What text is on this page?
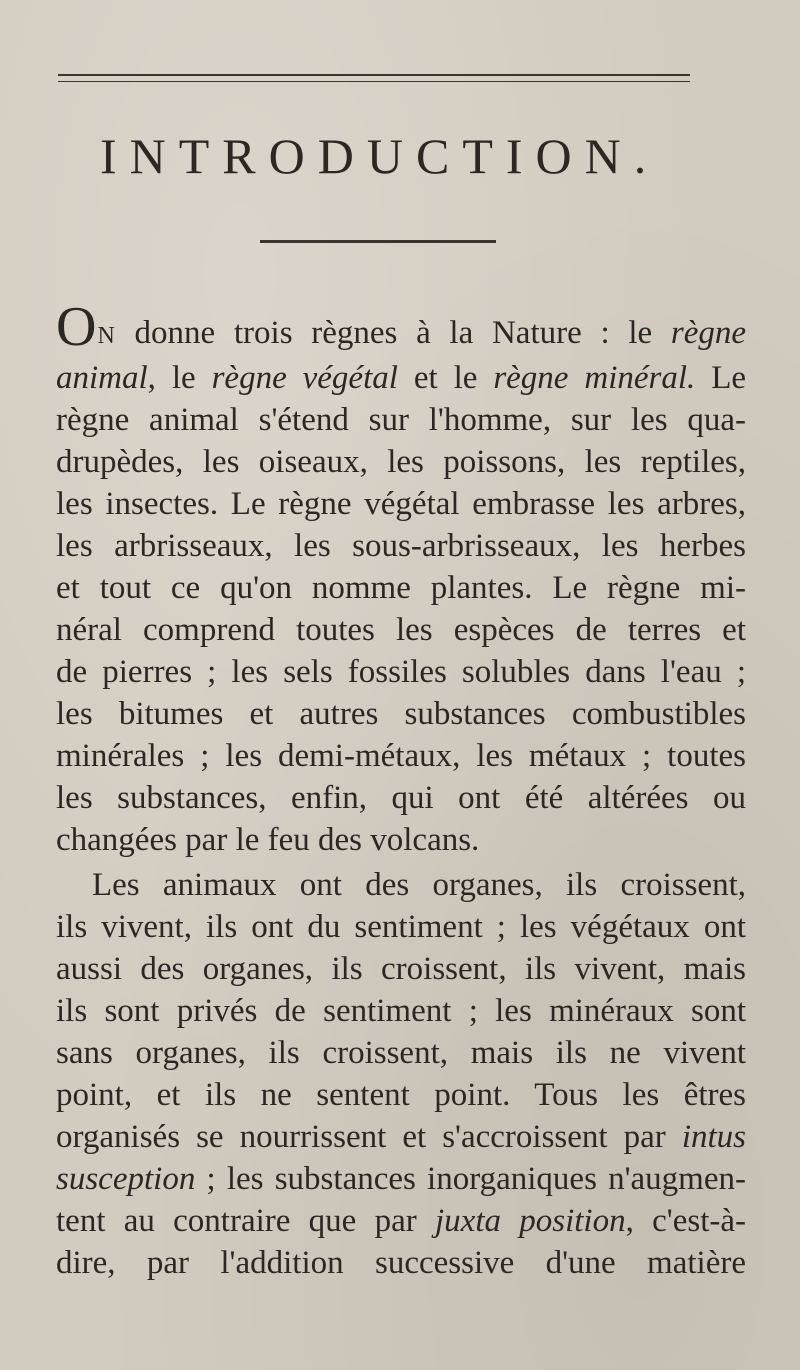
INTRODUCTION.
ON donne trois règnes à la Nature : le règne
animal, le règne végétal et le règne minéral. Le
règne animal s'étend sur l'homme, sur les qua-
drupèdes, les oiseaux, les poissons, les reptiles,
les insectes. Le règne végétal embrasse les arbres,
les arbrisseaux, les sous-arbrisseaux, les herbes
et tout ce qu'on nomme plantes. Le règne mi-
néral comprend toutes les espèces de terres et
de pierres ; les sels fossiles solubles dans l'eau ;
les bitumes et autres substances combustibles
minérales ; les demi-métaux, les métaux ; toutes
les substances, enfin, qui ont été altérées ou
changées par le feu des volcans.
Les animaux ont des organes, ils croissent,
ils vivent, ils ont du sentiment ; les végétaux ont
aussi des organes, ils croissent, ils vivent, mais
ils sont privés de sentiment ; les minéraux sont
sans organes, ils croissent, mais ils ne vivent
point, et ils ne sentent point. Tous les êtres
organisés se nourrissent et s'accroissent par intus
susception ; les substances inorganiques n'augmen-
tent au contraire que par juxta position, c'est-à-
dire, par l'addition successive d'une matière
